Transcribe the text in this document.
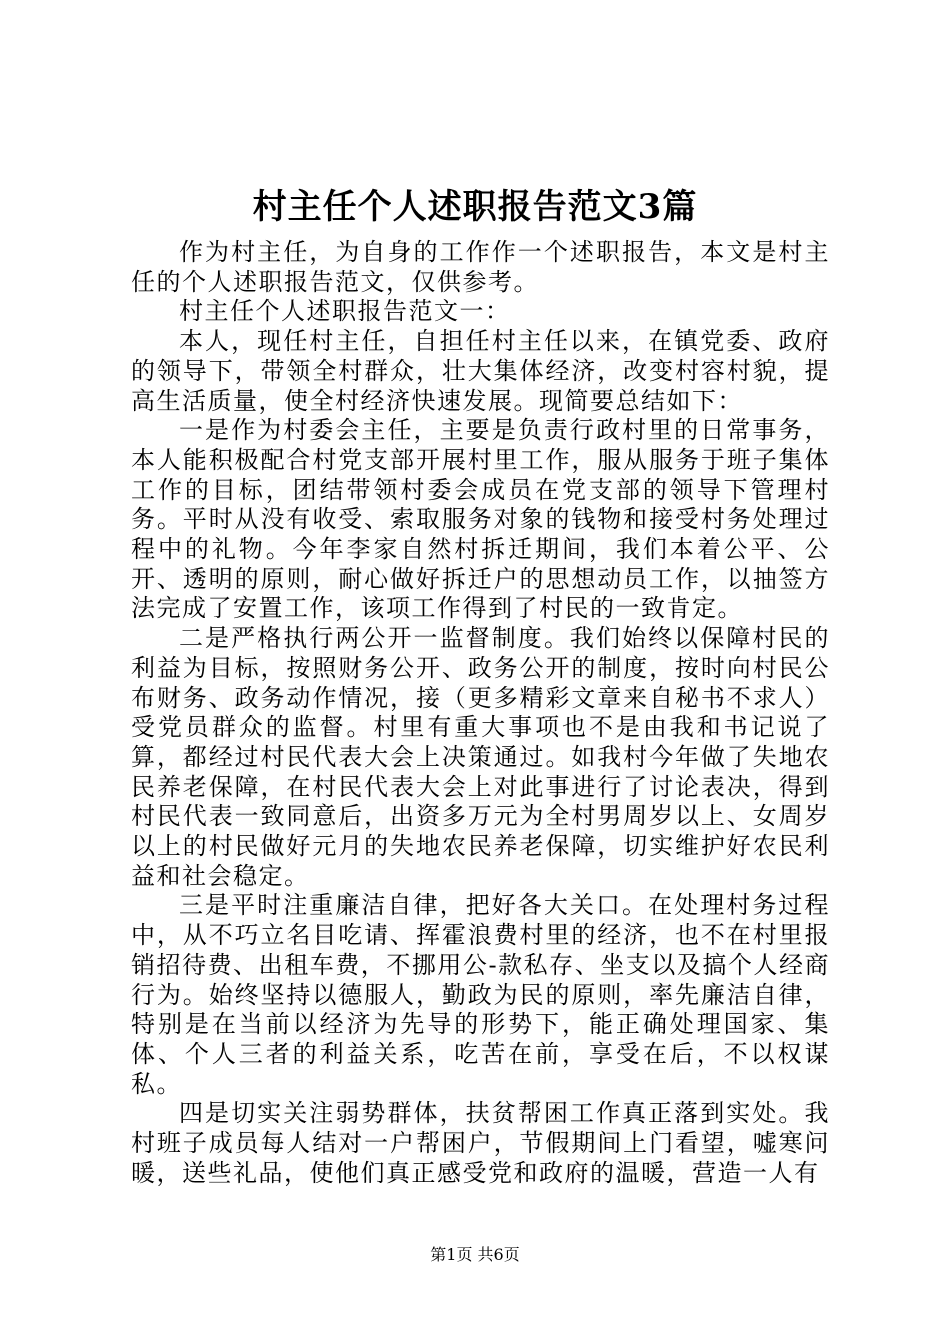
村主任个人述职报告范文3篇

作为村主任，为自身的工作作一个述职报告，本文是村主任的个人述职报告范文，仅供参考。

村主任个人述职报告范文一：

本人，现任村主任，自担任村主任以来，在镇党委、政府的领导下，带领全村群众，壮大集体经济，改变村容村貌，提高生活质量，使全村经济快速发展。现简要总结如下：

一是作为村委会主任，主要是负责行政村里的日常事务，本人能积极配合村党支部开展村里工作，服从服务于班子集体工作的目标，团结带领村委会成员在党支部的领导下管理村务。平时从没有收受、索取服务对象的钱物和接受村务处理过程中的礼物。今年李家自然村拆迁期间，我们本着公平、公开、透明的原则，耐心做好拆迁户的思想动员工作，以抽签方法完成了安置工作，该项工作得到了村民的一致肯定。

二是严格执行两公开一监督制度。我们始终以保障村民的利益为目标，按照财务公开、政务公开的制度，按时向村民公布财务、政务动作情况，接（更多精彩文章来自秘书不求人）受党员群众的监督。村里有重大事项也不是由我和书记说了算，都经过村民代表大会上决策通过。如我村今年做了失地农民养老保障，在村民代表大会上对此事进行了讨论表决，得到村民代表一致同意后，出资多万元为全村男周岁以上、女周岁以上的村民做好元月的失地农民养老保障，切实维护好农民利益和社会稳定。

三是平时注重廉洁自律，把好各大关口。在处理村务过程中，从不巧立名目吃请、挥霍浪费村里的经济，也不在村里报销招待费、出租车费，不挪用公-款私存、坐支以及搞个人经商行为。始终坚持以德服人，勤政为民的原则，率先廉洁自律，特别是在当前以经济为先导的形势下，能正确处理国家、集体、个人三者的利益关系，吃苦在前，享受在后，不以权谋私。

四是切实关注弱势群体，扶贫帮困工作真正落到实处。我村班子成员每人结对一户帮困户，节假期间上门看望，嘘寒问暖，送些礼品，使他们真正感受党和政府的温暖，营造一人有

第1页 共6页
